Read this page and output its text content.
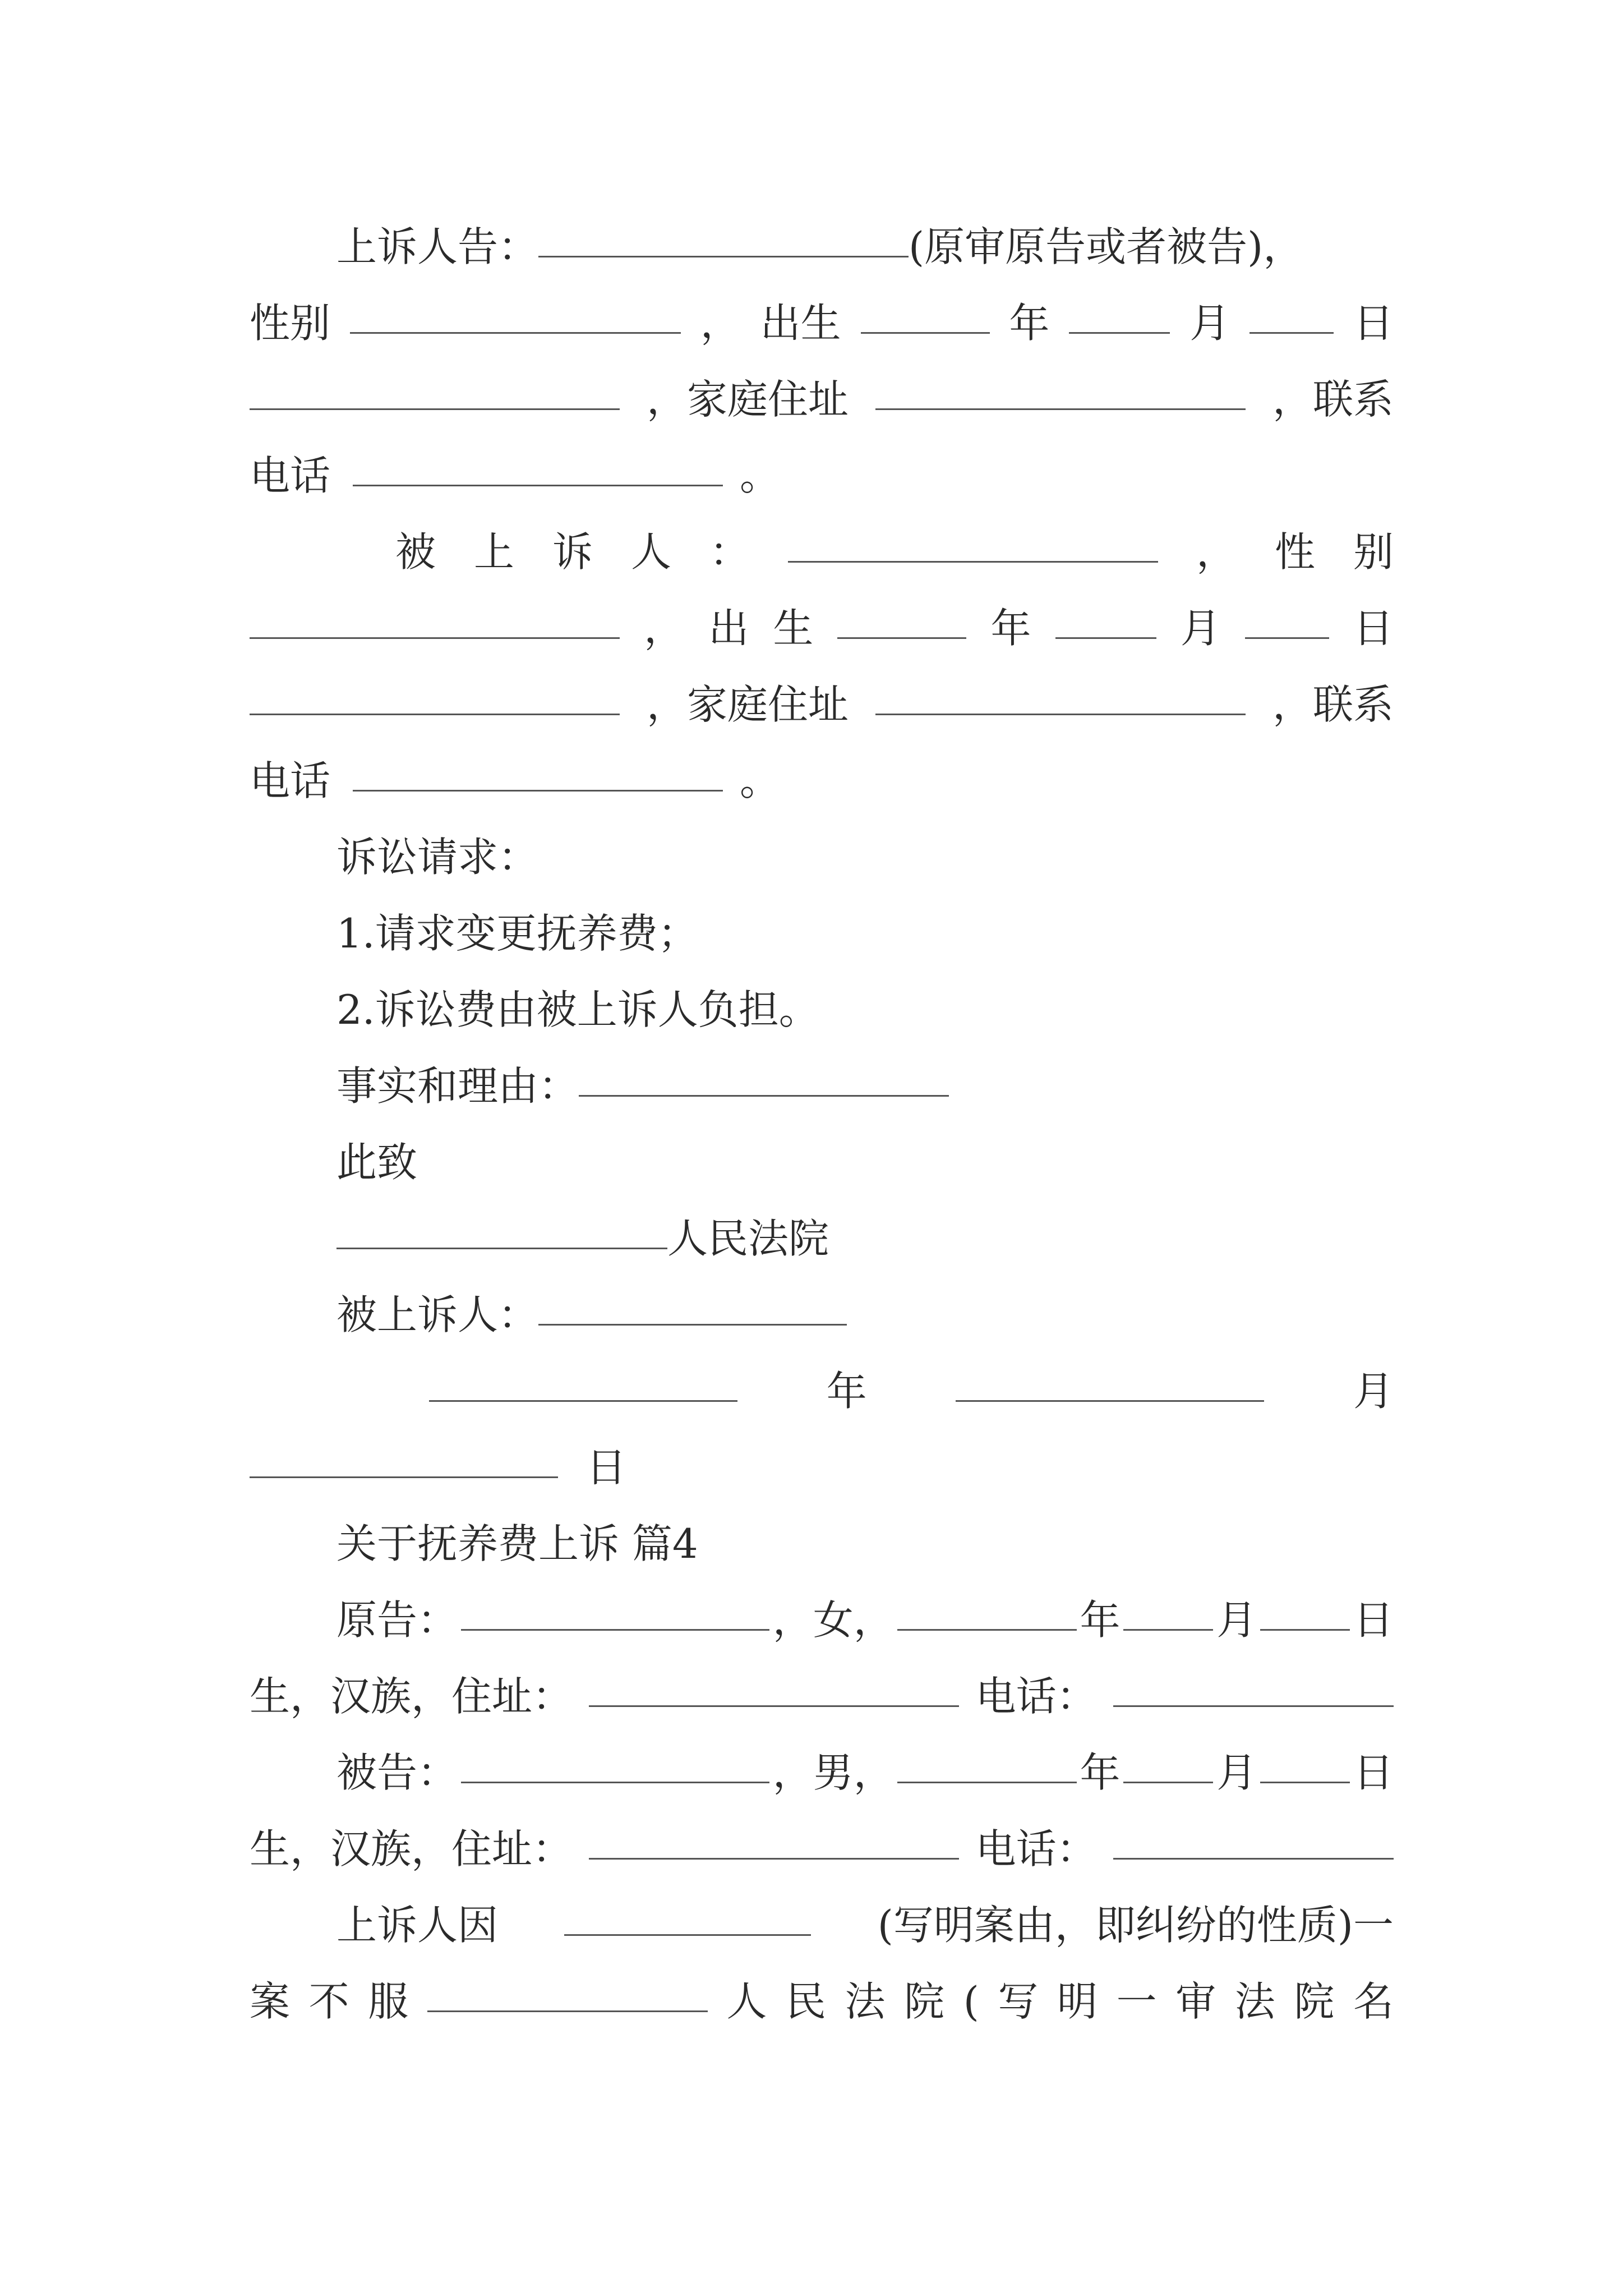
上诉人告：	(原审原告或者被告)，
性别	， 出生	年	月	日
，家庭住址	，联系
电话	。
被 上 诉 人 ：	， 性 别
， 出 生	年	月	日
，家庭住址	，联系
电话	。
诉讼请求：
1.请求变更抚养费；
2.诉讼费由被上诉人负担。
事实和理由：
此致
人民法院
被上诉人：
年	月
日
关于抚养费上诉 篇4
原告：	，女，	年 月 日
生，汉族，住址：	电话：
被告：	，男，	年 月 日
生，汉族，住址：	电话：
上诉人因	(写明案由，即纠纷的性质)一
案 不 服	人 民 法 院 ( 写 明 一 审 法 院 名
